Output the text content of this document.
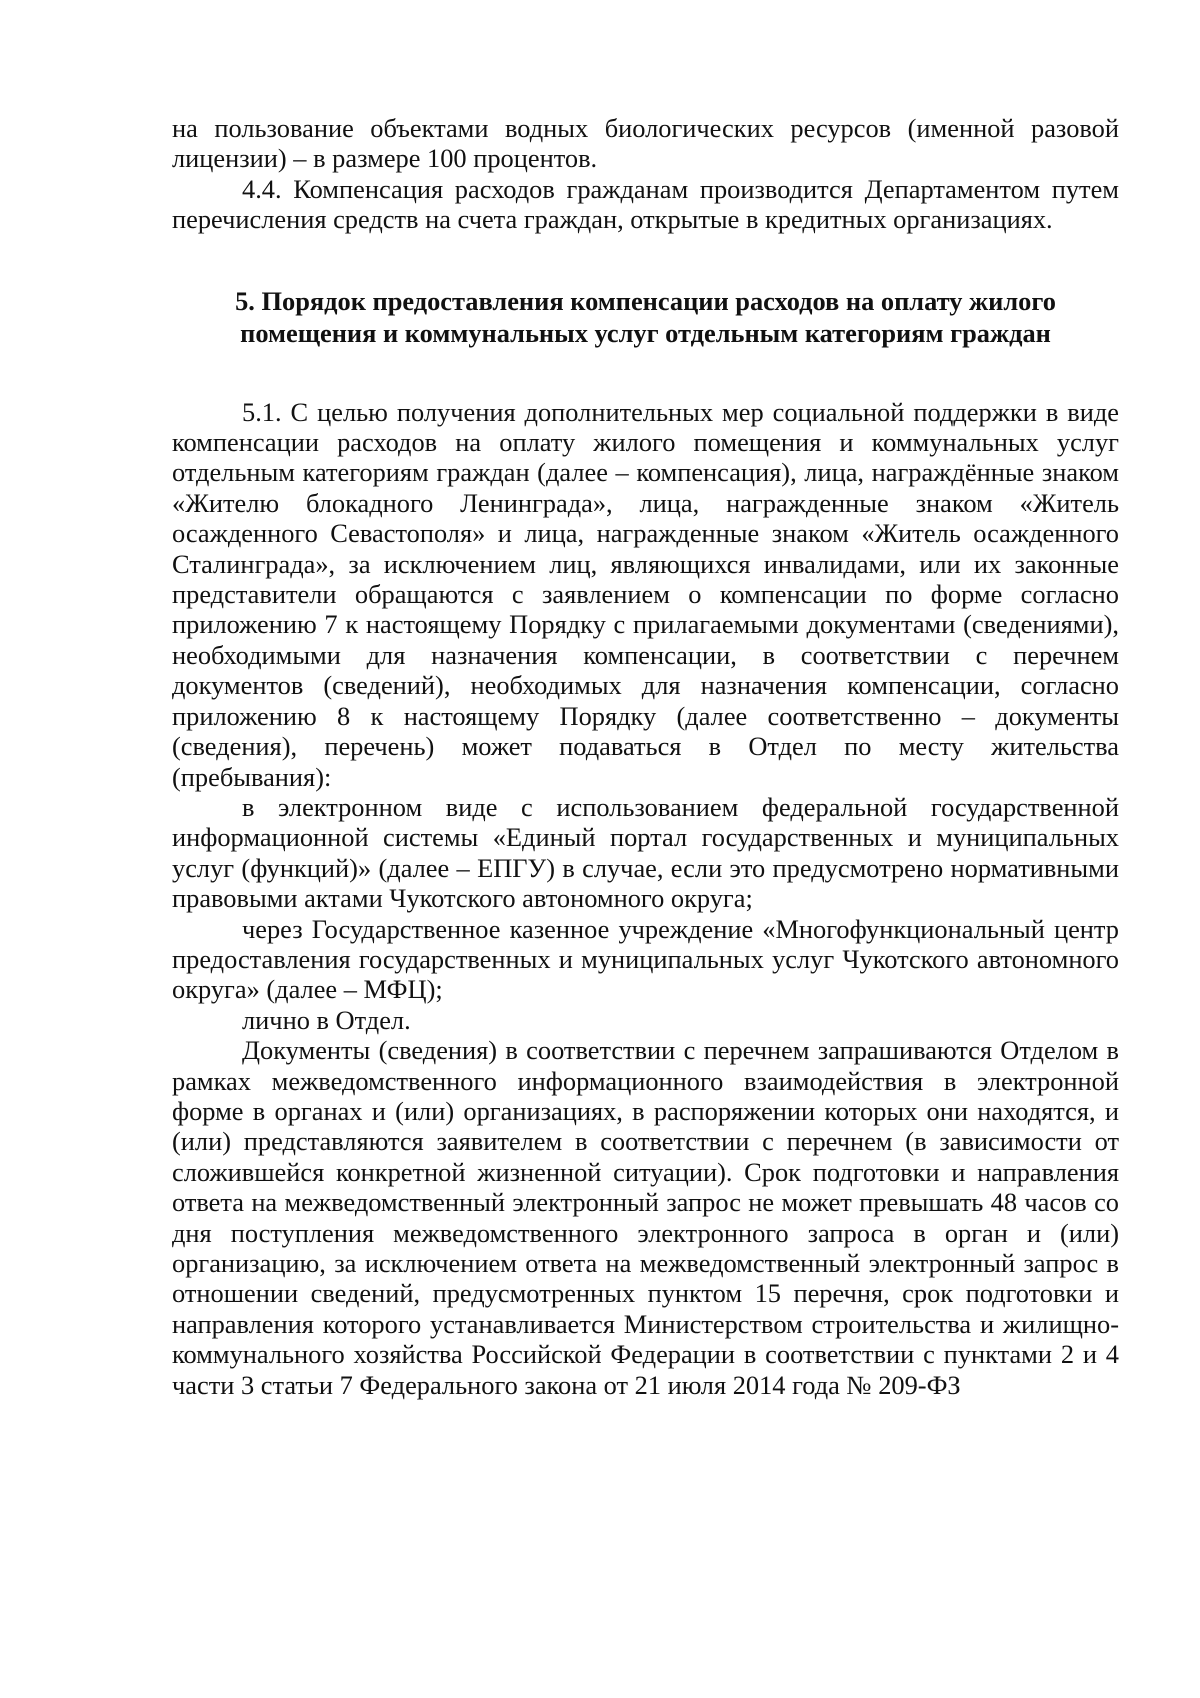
на пользование объектами водных биологических ресурсов (именной разовой лицензии) – в размере 100 процентов.

4.4. Компенсация расходов гражданам производится Департаментом путем перечисления средств на счета граждан, открытые в кредитных организациях.

5. Порядок предоставления компенсации расходов на оплату жилого
помещения и коммунальных услуг отдельным категориям граждан

5.1. С целью получения дополнительных мер социальной поддержки в виде компенсации расходов на оплату жилого помещения и коммунальных услуг отдельным категориям граждан (далее – компенсация), лица, награждённые знаком «Жителю блокадного Ленинграда», лица, награжденные знаком «Житель осажденного Севастополя» и лица, награжденные знаком «Житель осажденного Сталинграда», за исключением лиц, являющихся инвалидами, или их законные представители обращаются с заявлением о компенсации по форме согласно приложению 7 к настоящему Порядку с прилагаемыми документами (сведениями), необходимыми для назначения компенсации, в соответствии с перечнем документов (сведений), необходимых для назначения компенсации, согласно приложению 8 к настоящему Порядку (далее соответственно – документы (сведения), перечень) может подаваться в Отдел по месту жительства (пребывания):

в электронном виде с использованием федеральной государственной информационной системы «Единый портал государственных и муниципальных услуг (функций)» (далее – ЕПГУ) в случае, если это предусмотрено нормативными правовыми актами Чукотского автономного округа;

через Государственное казенное учреждение «Многофункциональный центр предоставления государственных и муниципальных услуг Чукотского автономного округа» (далее – МФЦ);

лично в Отдел.

Документы (сведения) в соответствии с перечнем запрашиваются Отделом в рамках межведомственного информационного взаимодействия в электронной форме в органах и (или) организациях, в распоряжении которых они находятся, и (или) представляются заявителем в соответствии с перечнем (в зависимости от сложившейся конкретной жизненной ситуации). Срок подготовки и направления ответа на межведомственный электронный запрос не может превышать 48 часов со дня поступления межведомственного электронного запроса в орган и (или) организацию, за исключением ответа на межведомственный электронный запрос в отношении сведений, предусмотренных пунктом 15 перечня, срок подготовки и направления которого устанавливается Министерством строительства и жилищно-коммунального хозяйства Российской Федерации в соответствии с пунктами 2 и 4 части 3 статьи 7 Федерального закона от 21 июля 2014 года № 209-ФЗ
